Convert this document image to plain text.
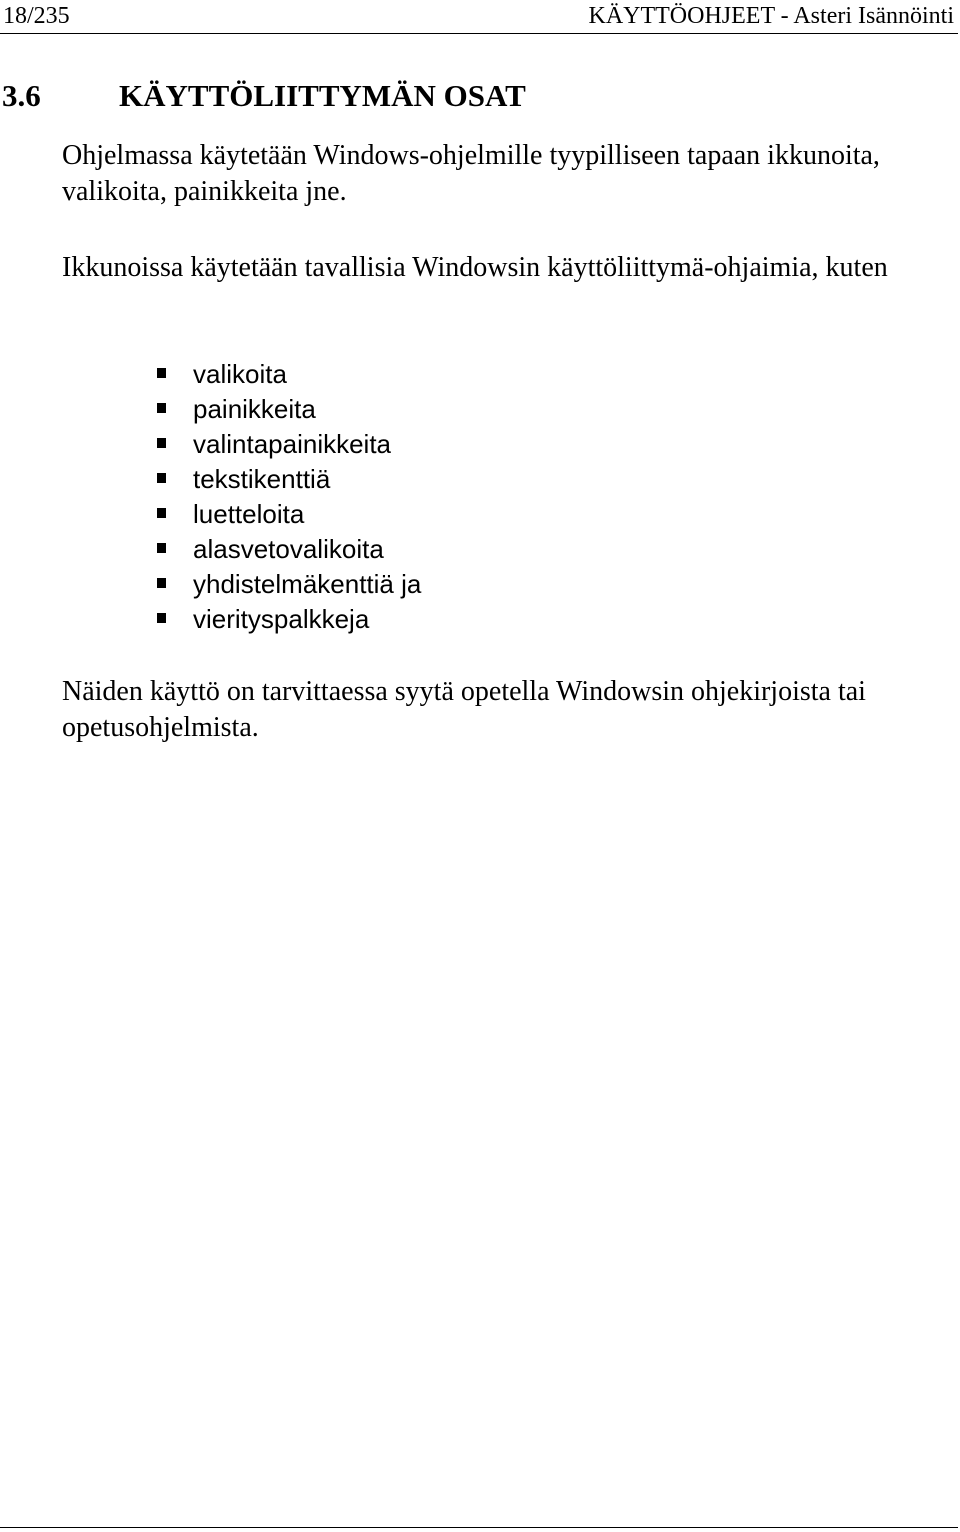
18/235	KÄYTTÖOHJEET - Asteri Isännöinti
3.6	KÄYTTÖLIITTYMÄN OSAT

Ohjelmassa käytetään Windows-ohjelmille tyypilliseen tapaan ikkunoita, valikoita, painikkeita jne.

Ikkunoissa käytetään tavallisia Windowsin käyttöliittymä-ohjaimia, kuten

valikoita
painikkeita
valintapainikkeita
tekstikenttiä
luetteloita
alasvetovalikoita
yhdistelmäkenttiä ja
vierityspalkkeja

Näiden käyttö on tarvittaessa syytä opetella Windowsin ohjekirjoista tai opetusohjelmista.
